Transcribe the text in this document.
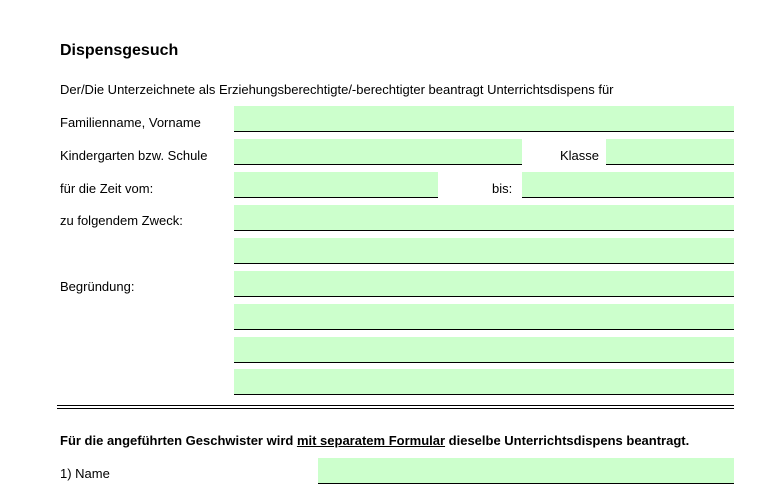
Dispensgesuch
Der/Die Unterzeichnete als Erziehungsberechtigte/-berechtigter beantragt Unterrichtsdispens für
Familienname, Vorname
Kindergarten bzw. Schule	Klasse
für die Zeit vom:	bis:
zu folgendem Zweck:
Begründung:
Für die angeführten Geschwister wird mit separatem Formular dieselbe Unterrichtsdispens beantragt.
1) Name
